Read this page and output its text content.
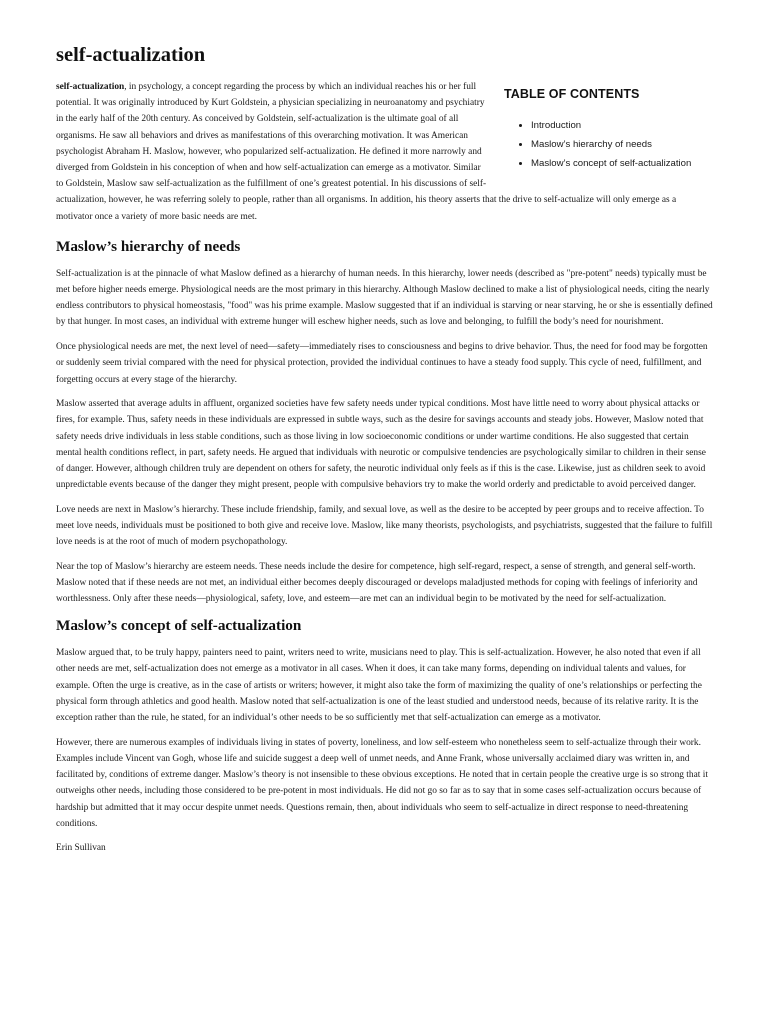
self-actualization
TABLE OF CONTENTS
• Introduction
• Maslow’s hierarchy of needs
• Maslow’s concept of self-actualization

self-actualization, in psychology, a concept regarding the process by which an individual reaches his or her full potential. It was originally introduced by Kurt Goldstein, a physician specializing in neuroanatomy and psychiatry in the early half of the 20th century. As conceived by Goldstein, self-actualization is the ultimate goal of all organisms. He saw all behaviors and drives as manifestations of this overarching motivation. It was American psychologist Abraham H. Maslow, however, who popularized self-actualization. He defined it more narrowly and diverged from Goldstein in his conception of when and how self-actualization can emerge as a motivator. Similar to Goldstein, Maslow saw self-actualization as the fulfillment of one’s greatest potential. In his discussions of self-actualization, however, he was referring solely to people, rather than all organisms. In addition, his theory asserts that the drive to self-actualize will only emerge as a motivator once a variety of more basic needs are met.

Maslow’s hierarchy of needs

Self-actualization is at the pinnacle of what Maslow defined as a hierarchy of human needs. In this hierarchy, lower needs (described as "pre-potent" needs) typically must be met before higher needs emerge. Physiological needs are the most primary in this hierarchy. Although Maslow declined to make a list of physiological needs, citing the nearly endless contributors to physical homeostasis, "food" was his prime example. Maslow suggested that if an individual is starving or near starving, he or she is essentially defined by that hunger. In most cases, an individual with extreme hunger will eschew higher needs, such as love and belonging, to fulfill the body’s need for nourishment.

Once physiological needs are met, the next level of need—safety—immediately rises to consciousness and begins to drive behavior. Thus, the need for food may be forgotten or suddenly seem trivial compared with the need for physical protection, provided the individual continues to have a steady food supply. This cycle of need, fulfillment, and forgetting occurs at every stage of the hierarchy.

Maslow asserted that average adults in affluent, organized societies have few safety needs under typical conditions. Most have little need to worry about physical attacks or fires, for example. Thus, safety needs in these individuals are expressed in subtle ways, such as the desire for savings accounts and steady jobs. However, Maslow noted that safety needs drive individuals in less stable conditions, such as those living in low socioeconomic conditions or under wartime conditions. He also suggested that certain mental health conditions reflect, in part, safety needs. He argued that individuals with neurotic or compulsive tendencies are psychologically similar to children in their sense of danger. However, although children truly are dependent on others for safety, the neurotic individual only feels as if this is the case. Likewise, just as children seek to avoid unpredictable events because of the danger they might present, people with compulsive behaviors try to make the world orderly and predictable to avoid perceived danger.

Love needs are next in Maslow’s hierarchy. These include friendship, family, and sexual love, as well as the desire to be accepted by peer groups and to receive affection. To meet love needs, individuals must be positioned to both give and receive love. Maslow, like many theorists, psychologists, and psychiatrists, suggested that the failure to fulfill love needs is at the root of much of modern psychopathology.

Near the top of Maslow’s hierarchy are esteem needs. These needs include the desire for competence, high self-regard, respect, a sense of strength, and general self-worth. Maslow noted that if these needs are not met, an individual either becomes deeply discouraged or develops maladjusted methods for coping with feelings of inferiority and worthlessness. Only after these needs—physiological, safety, love, and esteem—are met can an individual begin to be motivated by the need for self-actualization.

Maslow’s concept of self-actualization

Maslow argued that, to be truly happy, painters need to paint, writers need to write, musicians need to play. This is self-actualization. However, he also noted that even if all other needs are met, self-actualization does not emerge as a motivator in all cases. When it does, it can take many forms, depending on individual talents and values, for example. Often the urge is creative, as in the case of artists or writers; however, it might also take the form of maximizing the quality of one’s relationships or perfecting the physical form through athletics and good health. Maslow noted that self-actualization is one of the least studied and understood needs, because of its relative rarity. It is the exception rather than the rule, he stated, for an individual’s other needs to be so sufficiently met that self-actualization can emerge as a motivator.

However, there are numerous examples of individuals living in states of poverty, loneliness, and low self-esteem who nonetheless seem to self-actualize through their work. Examples include Vincent van Gogh, whose life and suicide suggest a deep well of unmet needs, and Anne Frank, whose universally acclaimed diary was written in, and facilitated by, conditions of extreme danger. Maslow’s theory is not insensible to these obvious exceptions. He noted that in certain people the creative urge is so strong that it outweighs other needs, including those considered to be pre-potent in most individuals. He did not go so far as to say that in some cases self-actualization occurs because of hardship but admitted that it may occur despite unmet needs. Questions remain, then, about individuals who seem to self-actualize in direct response to need-threatening conditions.

Erin Sullivan
